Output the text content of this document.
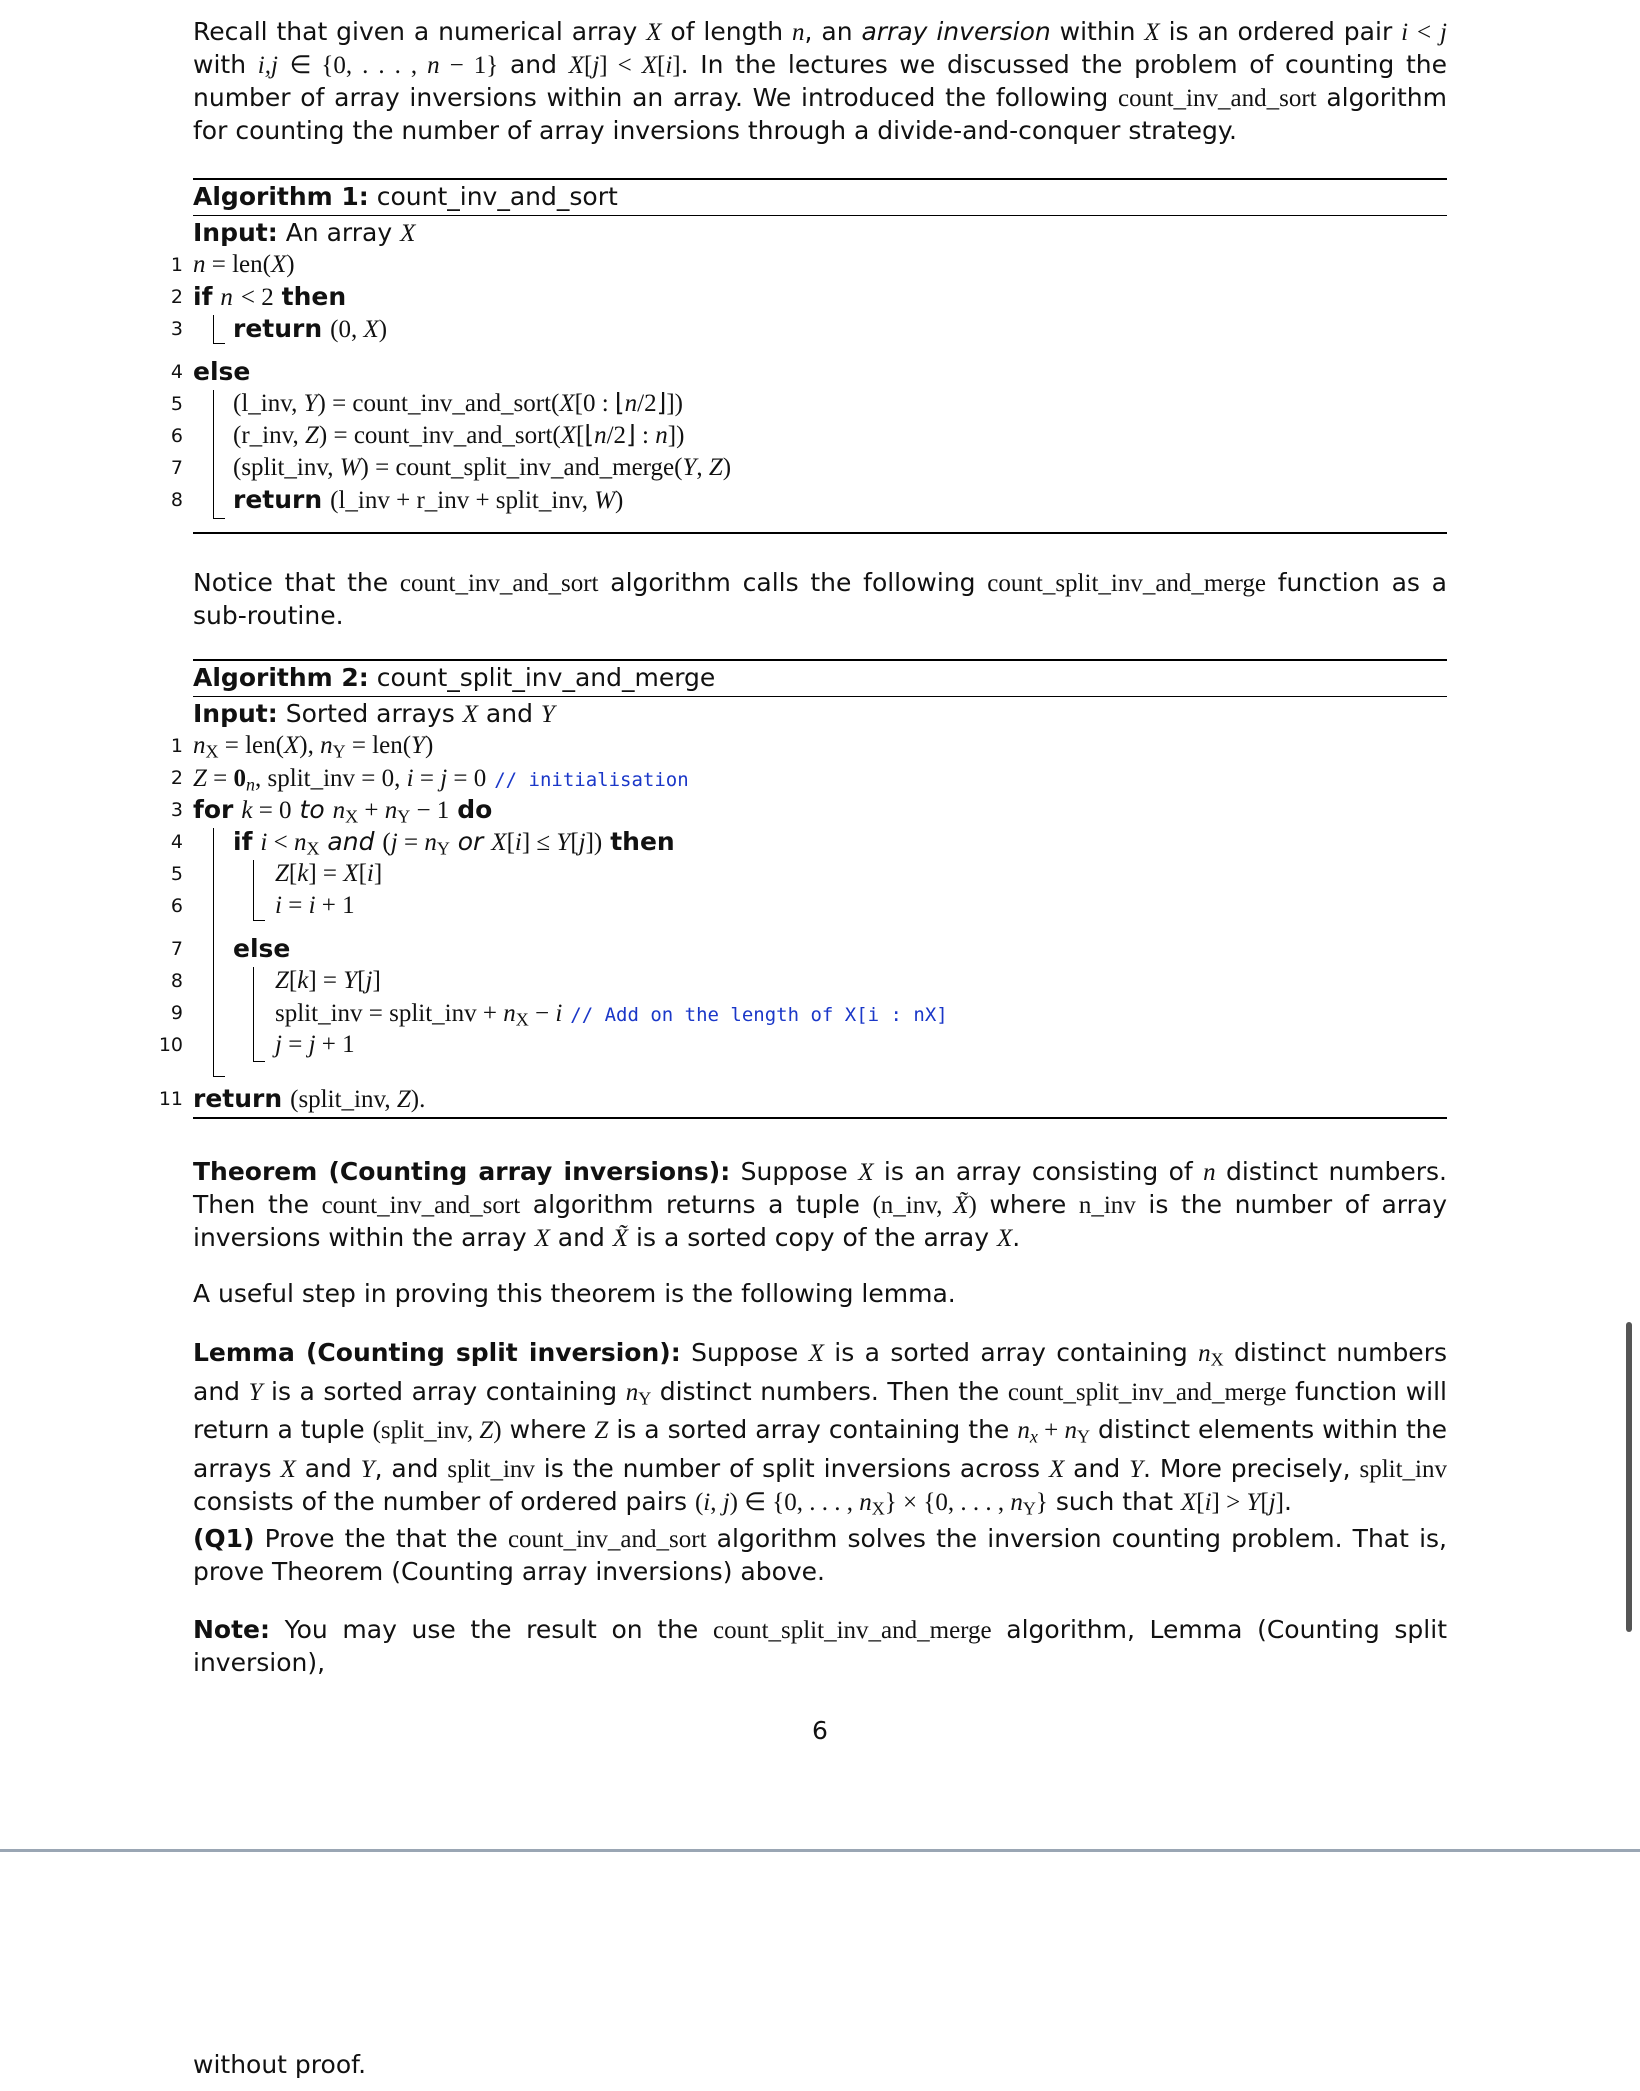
Recall that given a numerical array X of length n, an array inversion within X is an ordered pair i < j with i,j ∈ {0, . . . , n − 1} and X[j] < X[i]. In the lectures we discussed the problem of counting the number of array inversions within an array. We introduced the following count_inv_and_sort algorithm for counting the number of array inversions through a divide-and-conquer strategy.

Algorithm 1: count_inv_and_sort
Input: An array X
1 n = len(X)
2 if n < 2 then
3 return (0, X)
4 else
5 (l_inv, Y) = count_inv_and_sort(X[0 : ⌊n/2⌋])
6 (r_inv, Z) = count_inv_and_sort(X[⌊n/2⌋ : n])
7 (split_inv, W) = count_split_inv_and_merge(Y, Z)
8 return (l_inv + r_inv + split_inv, W)

Notice that the count_inv_and_sort algorithm calls the following count_split_inv_and_merge function as a sub-routine.

Algorithm 2: count_split_inv_and_merge
Input: Sorted arrays X and Y
1 $n_X = len(X)$, $n_Y = len(Y)$
2 $Z = 0_n$, split_inv = 0, i = j = 0 // initialisation
3 for k = 0 to $n_X + n_Y - 1$ do
4 if $i < n_X$ and ($j = n_Y$ or X[i] ≤ Y[j]) then
5	Z[k] = X[i]
6	i = i + 1
7 else
8	Z[k] = Y[j]
9	split_inv = split_inv + $n_X - i$ // Add on the length of X[i : nX]
10	j = j + 1
11 return (split_inv, Z).

Theorem (Counting array inversions): Suppose X is an array consisting of n distinct numbers. Then the count_inv_and_sort algorithm returns a tuple (n_inv, X̃) where n_inv is the number of array inversions within the array X and X̃ is a sorted copy of the array X.

A useful step in proving this theorem is the following lemma.

Lemma (Counting split inversion): Suppose X is a sorted array containing $n_X$ distinct numbers and Y is a sorted array containing $n_Y$ distinct numbers. Then the count_split_inv_and_merge function will return a tuple (split_inv, Z) where Z is a sorted array containing the $n_x + n_Y$ distinct elements within the arrays X and Y, and split_inv is the number of split inversions across X and Y. More precisely, split_inv consists of the number of ordered pairs (i, j) ∈ {0, . . . , $n_X\} \times \{0$, . . . , $n_Y$} such that X[i] > Y[j].

(Q1) Prove the that the count_inv_and_sort algorithm solves the inversion counting problem. That is, prove Theorem (Counting array inversions) above.

Note: You may use the result on the count_split_inv_and_merge algorithm, Lemma (Counting split inversion),

6
without proof.
